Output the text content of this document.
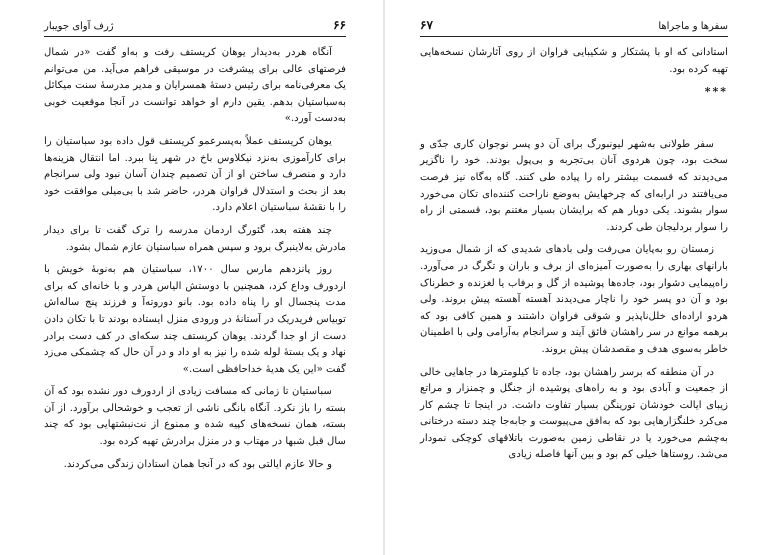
۶۶
ژرف آوای جویبار

آنگاه هردر به‌دیدار یوهان کریستف رفت و به‌او گفت «در شمال فرصتهای عالی برای پیشرفت در موسیقی فراهم می‌آید. من می‌توانم یک معرفی‌نامه برای رئیس دستهٔ همسرایان و مدیر مدرسهٔ سنت میکائل به‌سباستیان بدهم. یقین دارم او خواهد توانست در آنجا موقعیت خوبی به‌دست آورد.»

یوهان کریستف عملاً به‌پسرعمو کریستف قول داده بود سباستیان را برای کارآموزی به‌نزد نیکلاوس باخ در شهر یِنا ببرد. اما انتقال هزینه‌ها دارد و منصرف ساختن او از آن تصمیم چندان آسان نبود ولی سرانجام بعد از بحث و استدلال فراوان هردر، حاضر شد با بی‌میلی موافقت خود را با نقشهٔ سباستیان اعلام دارد.

چند هفته بعد، گئورگ اردمان مدرسه را ترک گفت تا برای دیدار مادرش به‌لاینبرگ برود و سپس همراه سباستیان عازم شمال بشود.

روز پانزدهم مارس سال ۱۷۰۰، سباستیان هم به‌نوبهٔ خویش با اردورف وداع کرد، همچنین با دوستش الیاس هردر و با خانه‌ای که برای مدت پنجسال او را پناه داده بود. بانو دوروته‌آ و فرزند پنج ساله‌اش توبیاس فریدریک در آستانهٔ در ورودی منزل ایستاده بودند تا با تکان دادن دست از او جدا گردند. یوهان کریستف چند سکه‌ای در کف دست برادر نهاد و یک بستهٔ لوله شده را نیز به او داد و در آن حال که چشمکی می‌زد گفت «این یک هدیهٔ خداحافظی است.»

سباستیان تا زمانی که مسافت زیادی از اردورف دور نشده بود که آن بسته را باز نکرد. آنگاه بانگی ناشی از تعجب و خوشحالی برآورد. از آن بسته، همان نسخه‌های کپیه شده و ممنوع از نت‌نبشتهایی بود که چند سال قبل شبها در مهتاب و در منزل برادرش تهیه کرده بود.

و حالا عازم ایالتی بود که در آنجا همان استادان زندگی می‌کردند.

سفرها و ماجراها
۶۷

استادانی که او با پشتکار و شکیبایی فراوان از روی آثارشان نسخه‌هایی تهیه کرده بود.

***

سفر طولانی به‌شهر لیونبورگ برای آن دو پسر نوجوان کاری جدّی و سخت بود، چون هردوی آنان بی‌تجربه و بی‌پول بودند. خود را ناگزیر می‌دیدند که قسمت بیشتر راه را پیاده طی کنند. گاه به‌گاه نیز فرصت می‌یافتند در ارابه‌ای که چرخهایش به‌وضع ناراحت کننده‌ای تکان می‌خورد سوار بشوند. یکی دوبار هم که برایشان بسیار مغتنم بود، قسمتی از راه را سوار بردلیجان طی کردند.

زمستان رو به‌پایان می‌رفت ولی بادهای شدیدی که از شمال می‌وزید بارانهای بهاری را به‌صورت آمیزه‌ای از برف و باران و تگرگ در می‌آورد. راه‌پیمایی دشوار بود، جاده‌ها پوشیده از گل و برفاب یا لغزنده و خطرناک بود و آن دو پسر خود را ناچار می‌دیدند آهسته آهسته پیش بروند. ولی هردو اراده‌ای خلل‌ناپذیر و شوقی فراوان داشتند و همین کافی بود که برهمه موانع در سر راهشان فائق آیند و سرانجام به‌آرامی ولی با اطمینان خاطر به‌سوی هدف و مقصدشان پیش بروند.

در آن منطقه که برسر راهشان بود، جاده تا کیلومترها در جاهایی خالی از جمعیت و آبادی بود و به راه‌های پوشیده از جنگل و چمنزار و مراتع زیبای ایالت خودشان تورینگن بسیار تفاوت داشت. در اینجا تا چشم کار می‌کرد خلنگزارهایی بود که به‌افق می‌پیوست و جابه‌جا چند دسته درختانی به‌چشم می‌خورد یا در نقاطی زمین به‌صورت باتلاقهای کوچکی نمودار می‌شد. روستاها خیلی کم بود و بین آنها فاصله زیادی
